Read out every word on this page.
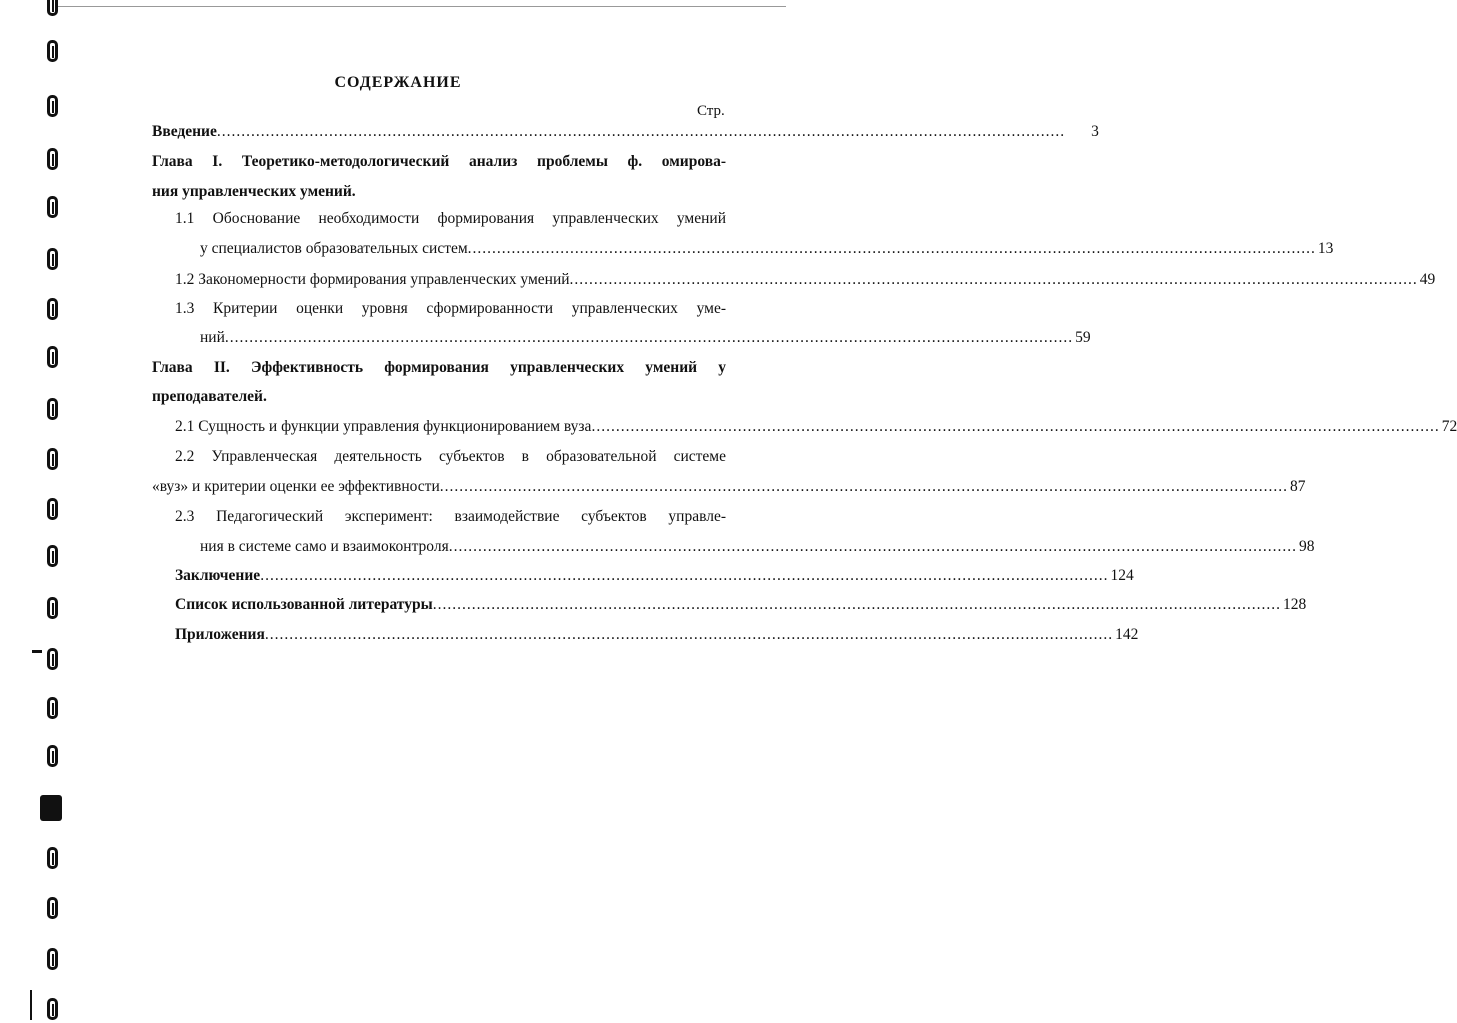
СОДЕРЖАНИЕ
Стр.
Введение ..............................................................................................................................................................................	3
Глава I. Теоретико-методологический анализ проблемы ф. омирова-
ния управленческих умений.
1.1 Обоснование необходимости формирования управленческих умений
у специалистов образовательных систем .............................................................................................................................................................................. 13
1.2 Закономерности формирования управленческих умений .............................................................................................................................................................................. 49
1.3 Критерии оценки уровня сформированности управленческих уме-
ний .............................................................................................................................................................................. 59
Глава II. Эффективность формирования управленческих умений у
преподавателей.
2.1 Сущность и функции управления функционированием вуза .............................................................................................................................................................................. 72
2.2 Управленческая деятельность субъектов в образовательной системе
«вуз» и критерии оценки ее эффективности .............................................................................................................................................................................. 87
2.3 Педагогический эксперимент: взаимодействие субъектов управле-
ния в системе само и взаимоконтроля .............................................................................................................................................................................. 98
Заключение .............................................................................................................................................................................. 124
Список использованной литературы .............................................................................................................................................................................. 128
Приложения .............................................................................................................................................................................. 142
